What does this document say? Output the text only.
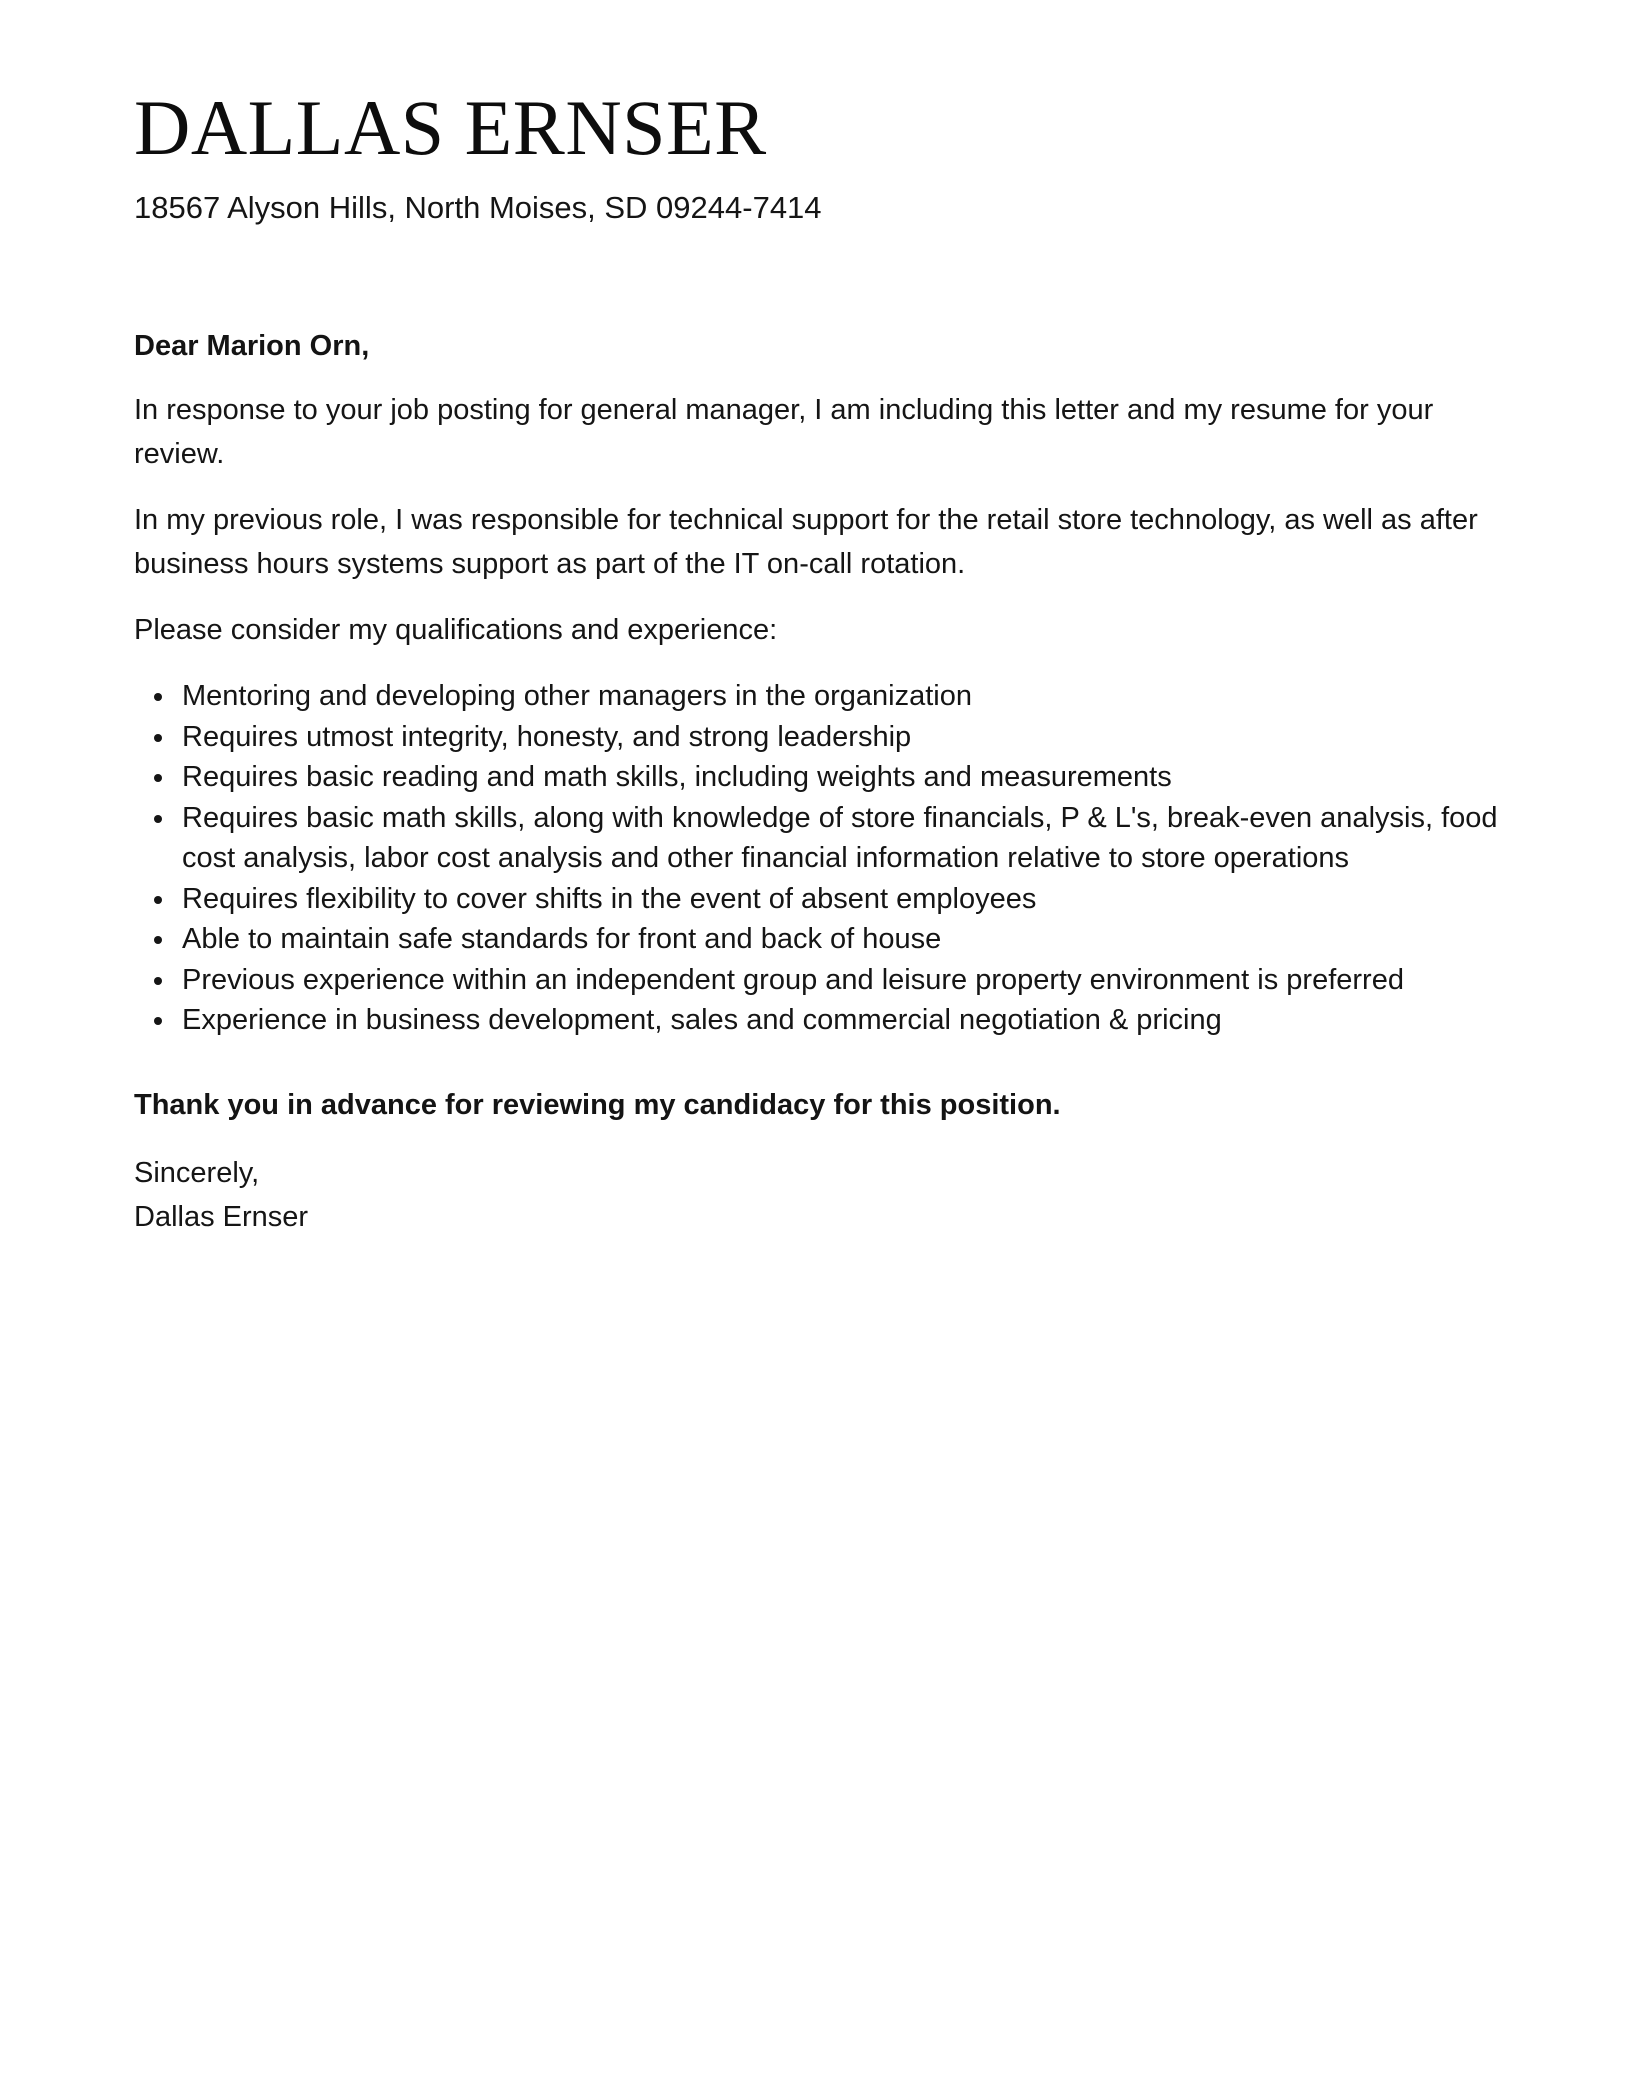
DALLAS ERNSER
18567 Alyson Hills, North Moises, SD 09244-7414
Dear Marion Orn,
In response to your job posting for general manager, I am including this letter and my resume for your review.
In my previous role, I was responsible for technical support for the retail store technology, as well as after business hours systems support as part of the IT on-call rotation.
Please consider my qualifications and experience:
Mentoring and developing other managers in the organization
Requires utmost integrity, honesty, and strong leadership
Requires basic reading and math skills, including weights and measurements
Requires basic math skills, along with knowledge of store financials, P & L's, break-even analysis, food cost analysis, labor cost analysis and other financial information relative to store operations
Requires flexibility to cover shifts in the event of absent employees
Able to maintain safe standards for front and back of house
Previous experience within an independent group and leisure property environment is preferred
Experience in business development, sales and commercial negotiation & pricing
Thank you in advance for reviewing my candidacy for this position.
Sincerely,
Dallas Ernser
